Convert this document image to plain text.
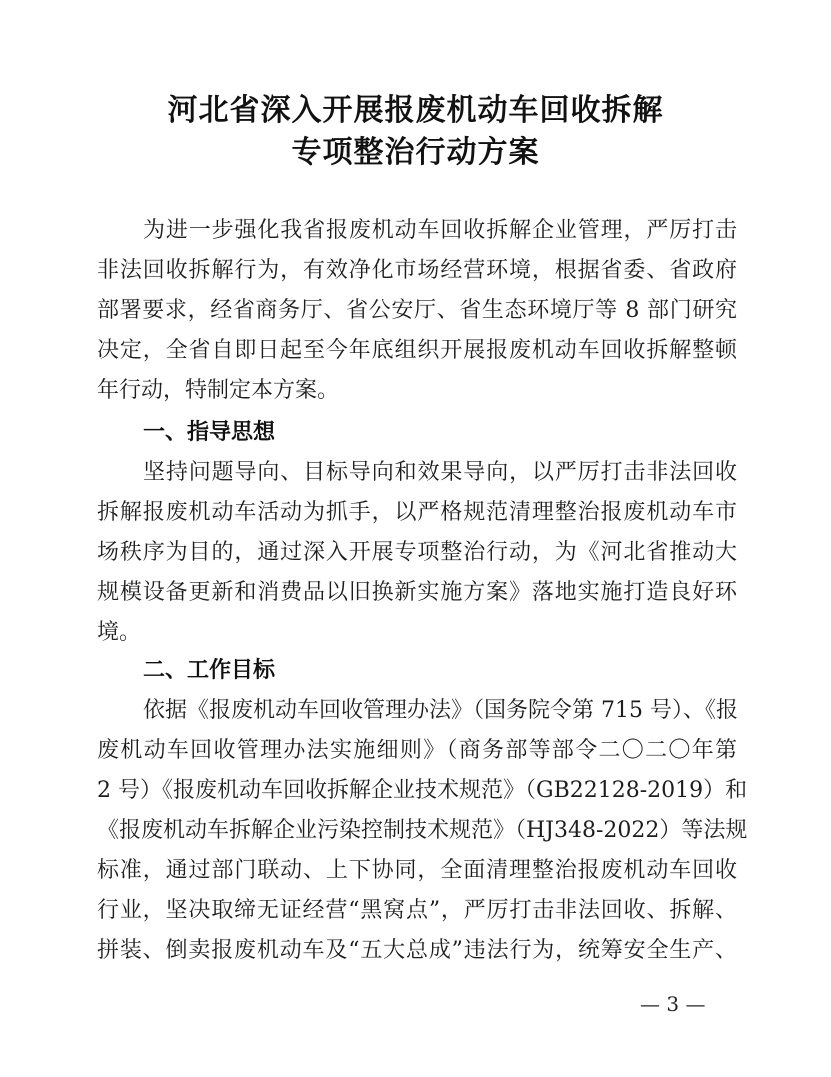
河北省深入开展报废机动车回收拆解
专项整治行动方案
为进一步强化我省报废机动车回收拆解企业管理，严厉打击
非法回收拆解行为，有效净化市场经营环境，根据省委、省政府
部署要求，经省商务厅、省公安厅、省生态环境厅等 8 部门研究
决定，全省自即日起至今年底组织开展报废机动车回收拆解整顿
年行动，特制定本方案。
一、指导思想
坚持问题导向、目标导向和效果导向，以严厉打击非法回收
拆解报废机动车活动为抓手，以严格规范清理整治报废机动车市
场秩序为目的，通过深入开展专项整治行动，为《河北省推动大
规模设备更新和消费品以旧换新实施方案》落地实施打造良好环
境。
二、工作目标
依据《报废机动车回收管理办法》（国务院令第 715 号）、《报
废机动车回收管理办法实施细则》（商务部等部令二〇二〇年第
2 号）《报废机动车回收拆解企业技术规范》（GB22128-2019）和
《报废机动车拆解企业污染控制技术规范》（HJ348-2022）等法规
标准，通过部门联动、上下协同，全面清理整治报废机动车回收
行业，坚决取缔无证经营“黑窝点”，严厉打击非法回收、拆解、
拼装、倒卖报废机动车及“五大总成”违法行为，统筹安全生产、
— 3 —
